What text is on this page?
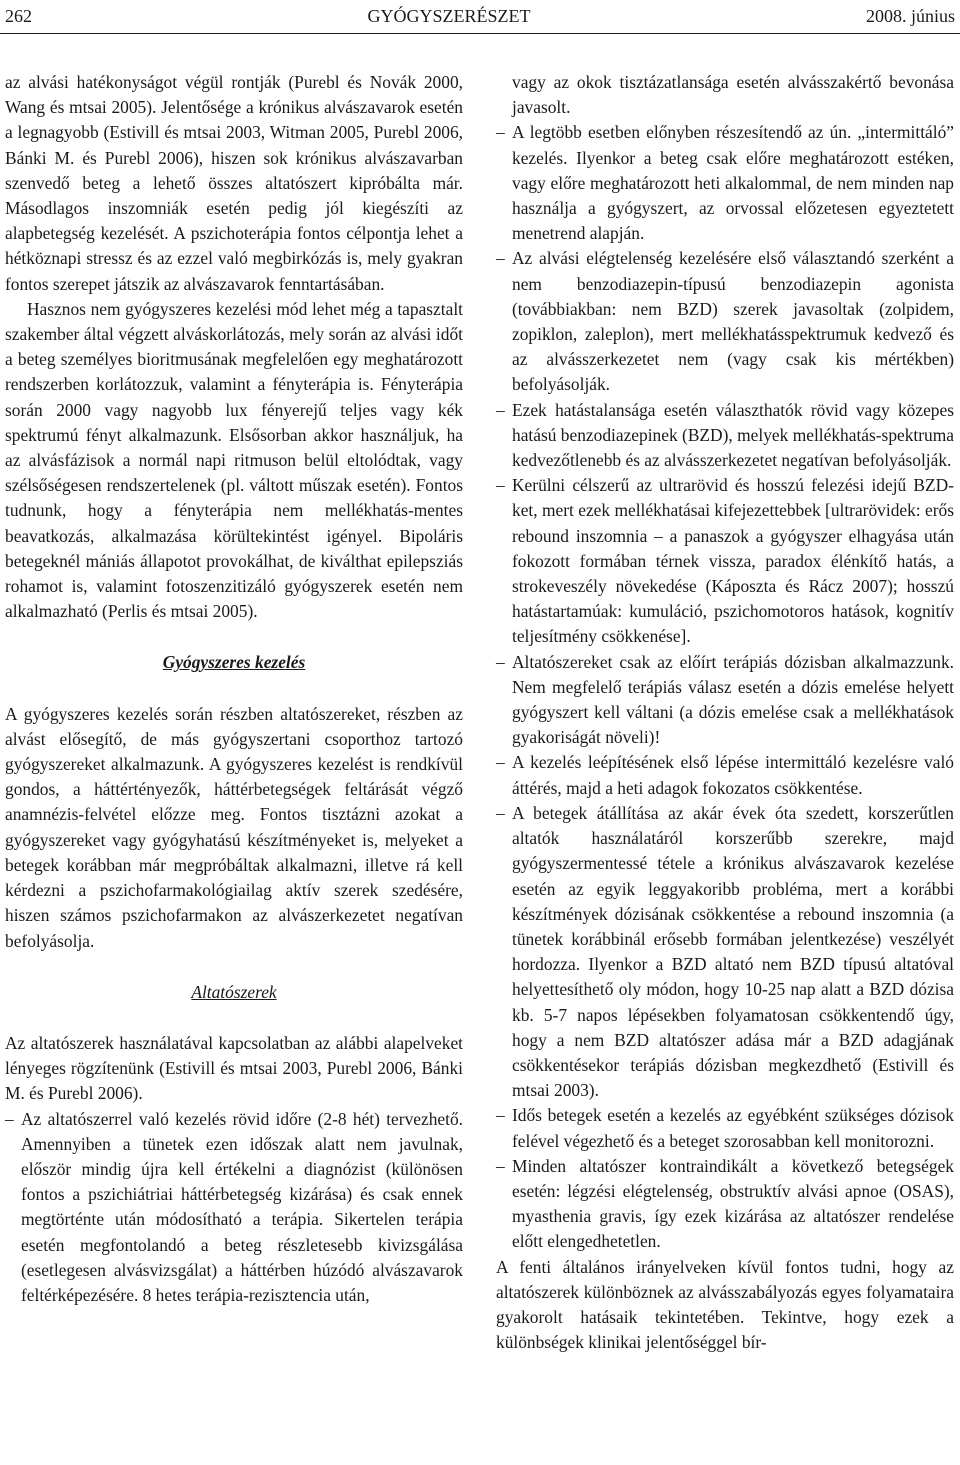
262	GYÓGYSZERÉSZET	2008. június

az alvási hatékonyságot végül rontják (Purebl és Novák 2000, Wang és mtsai 2005). Jelentősége a krónikus alvászavarok esetén a legnagyobb (Estivill és mtsai 2003, Witman 2005, Purebl 2006, Bánki M. és Purebl 2006), hiszen sok krónikus alvászavarban szenvedő beteg a lehető összes altatószert kipróbálta már. Másodlagos inszomniák esetén pedig jól kiegészíti az alapbetegség kezelését. A pszichoterápia fontos célpontja lehet a hétköznapi stressz és az ezzel való megbirkózás is, mely gyakran fontos szerepet játszik az alvászavarok fenntartásában.

Hasznos nem gyógyszeres kezelési mód lehet még a tapasztalt szakember által végzett alváskorlátozás, mely során az alvási időt a beteg személyes bioritmusának megfelelően egy meghatározott rendszerben korlátozzuk, valamint a fényterápia is. Fényterápia során 2000 vagy nagyobb lux fényerejű teljes vagy kék spektrumú fényt alkalmazunk. Elsősorban akkor használjuk, ha az alvásfázisok a normál napi ritmuson belül eltolódtak, vagy szélsőségesen rendszertelenek (pl. váltott műszak esetén). Fontos tudnunk, hogy a fényterápia nem mellékhatás-mentes beavatkozás, alkalmazása körültekintést igényel. Bipoláris betegeknél mániás állapotot provokálhat, de kiválthat epilepsziás rohamot is, valamint fotoszenzitizáló gyógyszerek esetén nem alkalmazható (Perlis és mtsai 2005).

Gyógyszeres kezelés

A gyógyszeres kezelés során részben altatószereket, részben az alvást elősegítő, de más gyógyszertani csoporthoz tartozó gyógyszereket alkalmazunk. A gyógyszeres kezelést is rendkívül gondos, a háttértényezők, háttérbetegségek feltárását végző anamnézis-felvétel előzze meg. Fontos tisztázni azokat a gyógyszereket vagy gyógyhatású készítményeket is, melyeket a betegek korábban már megpróbáltak alkalmazni, illetve rá kell kérdezni a pszichofarmakológiailag aktív szerek szedésére, hiszen számos pszichofarmakon az alvászerkezetet negatívan befolyásolja.

Altatószerek

Az altatószerek használatával kapcsolatban az alábbi alapelveket lényeges rögzítenünk (Estivill és mtsai 2003, Purebl 2006, Bánki M. és Purebl 2006).

– Az altatószerrel való kezelés rövid időre (2-8 hét) tervezhető. Amennyiben a tünetek ezen időszak alatt nem javulnak, először mindig újra kell értékelni a diagnózist (különösen fontos a pszichiátriai háttérbetegség kizárása) és csak ennek megtörténte után módosítható a terápia. Sikertelen terápia esetén megfontolandó a beteg részletesebb kivizsgálása (esetlegesen alvásvizsgálat) a háttérben húzódó alvászavarok feltérképezésére. 8 hetes terápia-rezisztencia után,

vagy az okok tisztázatlansága esetén alvásszakértő bevonása javasolt.

– A legtöbb esetben előnyben részesítendő az ún. „intermittáló” kezelés. Ilyenkor a beteg csak előre meghatározott estéken, vagy előre meghatározott heti alkalommal, de nem minden nap használja a gyógyszert, az orvossal előzetesen egyeztetett menetrend alapján.
– Az alvási elégtelenség kezelésére első választandó szerként a nem benzodiazepin-típusú benzodiazepin agonista (továbbiakban: nem BZD) szerek javasoltak (zolpidem, zopiklon, zaleplon), mert mellékhatásspektrumuk kedvező és az alvásszerkezetet nem (vagy csak kis mértékben) befolyásolják.
– Ezek hatástalansága esetén választhatók rövid vagy közepes hatású benzodiazepinek (BZD), melyek mellékhatás-spektruma kedvezőtlenebb és az alvásszerkezetet negatívan befolyásolják.
– Kerülni célszerű az ultrarövid és hosszú felezési idejű BZD-ket, mert ezek mellékhatásai kifejezettebbek [ultrarövidek: erős rebound inszomnia – a panaszok a gyógyszer elhagyása után fokozott formában térnek vissza, paradox élénkítő hatás, a strokeveszély növekedése (Káposzta és Rácz 2007); hosszú hatástartamúak: kumuláció, pszichomotoros hatások, kognitív teljesítmény csökkenése].
– Altatószereket csak az előírt terápiás dózisban alkalmazzunk. Nem megfelelő terápiás válasz esetén a dózis emelése helyett gyógyszert kell váltani (a dózis emelése csak a mellékhatások gyakoriságát növeli)!
– A kezelés leépítésének első lépése intermittáló kezelésre való áttérés, majd a heti adagok fokozatos csökkentése.
– A betegek átállítása az akár évek óta szedett, korszerűtlen altatók használatáról korszerűbb szerekre, majd gyógyszermentessé tétele a krónikus alvászavarok kezelése esetén az egyik leggyakoribb probléma, mert a korábbi készítmények dózisának csökkentése a rebound inszomnia (a tünetek korábbinál erősebb formában jelentkezése) veszélyét hordozza. Ilyenkor a BZD altató nem BZD típusú altatóval helyettesíthető oly módon, hogy 10-25 nap alatt a BZD dózisa kb. 5-7 napos lépésekben folyamatosan csökkentendő úgy, hogy a nem BZD altatószer adása már a BZD adagjának csökkentésekor terápiás dózisban megkezdhető (Estivill és mtsai 2003).
– Idős betegek esetén a kezelés az egyébként szükséges dózisok felével végezhető és a beteget szorosabban kell monitorozni.
– Minden altatószer kontraindikált a következő betegségek esetén: légzési elégtelenség, obstruktív alvási apnoe (OSAS), myasthenia gravis, így ezek kizárása az altatószer rendelése előtt elengedhetetlen.

A fenti általános irányelveken kívül fontos tudni, hogy az altatószerek különböznek az alvásszabályozás egyes folyamataira gyakorolt hatásaik tekintetében. Tekintve, hogy ezek a különbségek klinikai jelentőséggel bír-
